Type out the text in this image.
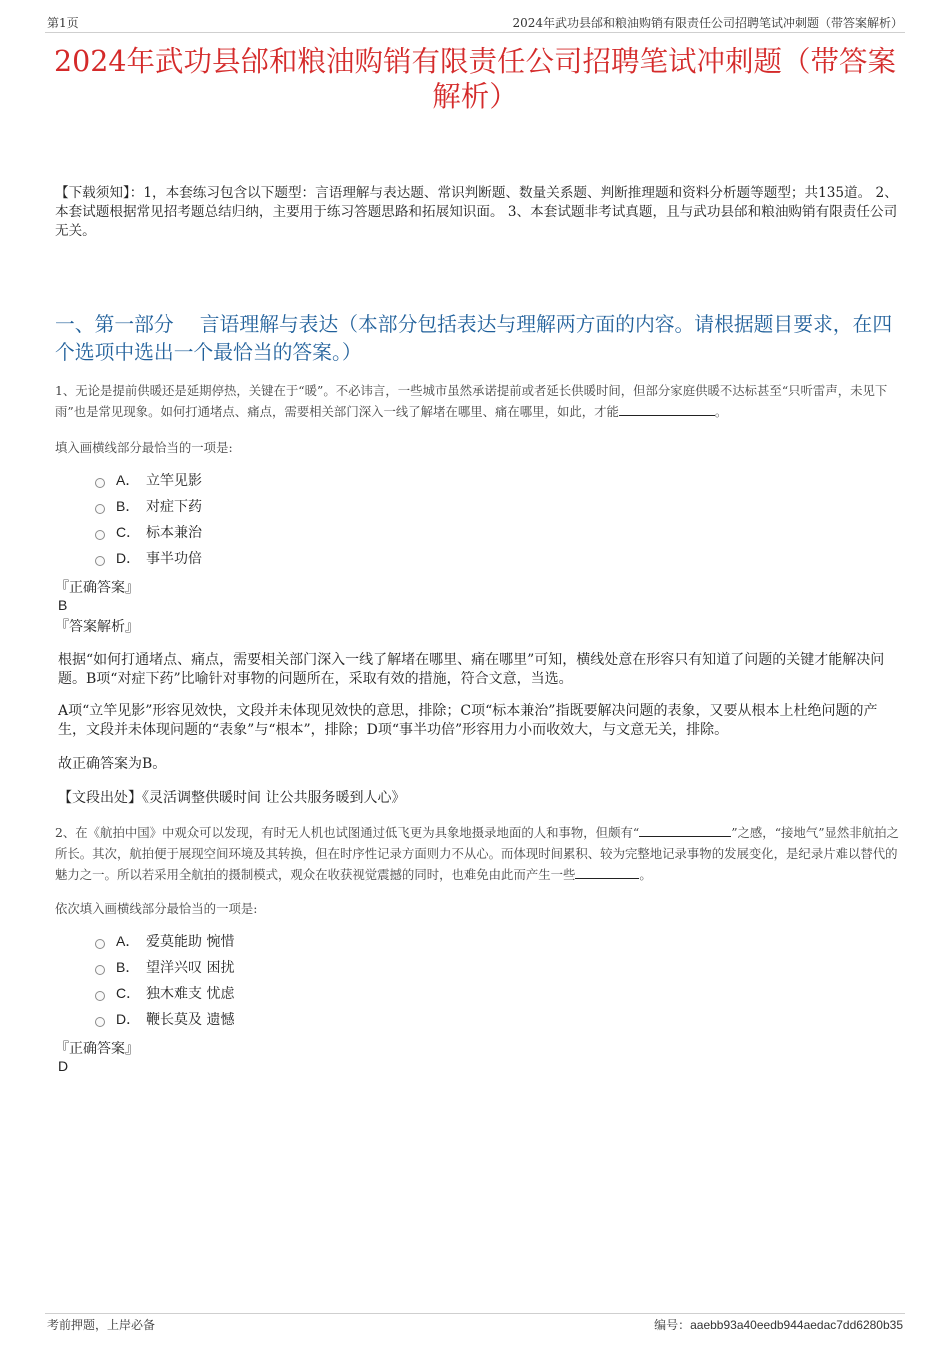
第1页	2024年武功县邰和粮油购销有限责任公司招聘笔试冲刺题（带答案解析）
2024年武功县邰和粮油购销有限责任公司招聘笔试冲刺题（带答案解析）

【下载须知】：1，本套练习包含以下题型：言语理解与表达题、常识判断题、数量关系题、判断推理题和资料分析题等题型；共135道。 2、本套试题根据常见招考题总结归纳，主要用于练习答题思路和拓展知识面。 3、本套试题非考试真题，且与武功县邰和粮油购销有限责任公司无关。

一、第一部分　 言语理解与表达（本部分包括表达与理解两方面的内容。请根据题目要求，在四个选项中选出一个最恰当的答案。）

1、无论是提前供暖还是延期停热，关键在于“暖”。不必讳言，一些城市虽然承诺提前或者延长供暖时间，但部分家庭供暖不达标甚至“只听雷声，未见下雨”也是常见现象。如何打通堵点、痛点，需要相关部门深入一线了解堵在哪里、痛在哪里，如此，才能	。

填入画横线部分最恰当的一项是:

A． 立竿见影
B． 对症下药
C． 标本兼治
D． 事半功倍
『正确答案』
B
『答案解析』

根据“如何打通堵点、痛点，需要相关部门深入一线了解堵在哪里、痛在哪里”可知，横线处意在形容只有知道了问题的关键才能解决问题。B项“对症下药”比喻针对事物的问题所在，采取有效的措施，符合文意，当选。

A项“立竿见影”形容见效快，文段并未体现见效快的意思，排除；C项“标本兼治”指既要解决问题的表象，又要从根本上杜绝问题的产生，文段并未体现问题的“表象”与“根本”，排除；D项“事半功倍”形容用力小而收效大，与文意无关，排除。

故正确答案为B。

【文段出处】《灵活调整供暖时间 让公共服务暖到人心》

2、在《航拍中国》中观众可以发现，有时无人机也试图通过低飞更为具象地摄录地面的人和事物，但颇有“	”之感，“接地气”显然非航拍之所长。其次，航拍便于展现空间环境及其转换，但在时序性记录方面则力不从心。而体现时间累积、较为完整地记录事物的发展变化，是纪录片难以替代的魅力之一。所以若采用全航拍的摄制模式，观众在收获视觉震撼的同时，也难免由此而产生一些	。

依次填入画横线部分最恰当的一项是:

A． 爱莫能助 惋惜
B． 望洋兴叹 困扰
C． 独木难支 忧虑
D． 鞭长莫及 遗憾
『正确答案』
D
考前押题，上岸必备	编号：aaebb93a40eedb944aedac7dd6280b35
